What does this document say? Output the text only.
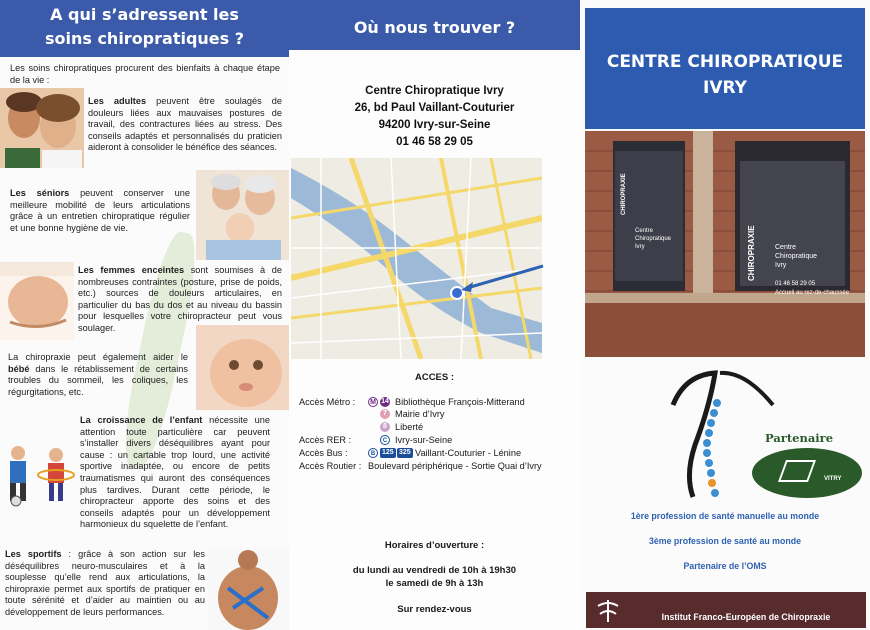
A qui s’adressent les
soins chiropratiques ?
Les soins chiropratiques procurent des bienfaits à chaque étape de la vie :
Les adultes peuvent être soulagés de douleurs liées aux mauvaises postures de travail, des contractures liées au stress. Des conseils adaptés et personnalisés du praticien aideront à consolider le bénéfice des séances.
Les séniors peuvent conserver une meilleure mobilité de leurs articulations grâce à un entretien chiropratique régulier et une bonne hygiène de vie.
Les femmes enceintes sont soumises à de nombreuses contraintes (posture, prise de poids, etc.) sources de douleurs articulaires, en particulier du bas du dos et au niveau du bassin pour lesquelles votre chiropracteur peut vous soulager.
La chiropraxie peut également aider le bébé dans le rétablissement de certains troubles du sommeil, les coliques, les régurgitations, etc.
La croissance de l’enfant nécessite une attention toute particulière car peuvent s’installer divers déséquilibres ayant pour cause : un cartable trop lourd, une activité sportive inadaptée, ou encore de petits traumatismes qui auront des conséquences plus tardives. Durant cette période, le chiropracteur apporte des soins et des conseils adaptés pour un développement harmonieux du squelette de l’enfant.
Les sportifs : grâce à son action sur les déséquilibres neuro-musculaires et à la souplesse qu’elle rend aux articulations, la chiropraxie permet aux sportifs de pratiquer en toute sérénité et d’aider au maintien ou au développement de leurs performances.
Où nous trouver ?
Centre Chiropratique Ivry
26, bd Paul Vaillant-Couturier
94200 Ivry-sur-Seine
01 46 58 29 05
ACCES :
Accès Métro : M 14 Bibliothèque François-Mitterand
7 Mairie d’Ivry
8 Liberté
Accès RER :	C Ivry-sur-Seine
Accès Bus :	B 125 325 Vaillant-Couturier - Lénine
Accès Routier : Boulevard périphérique - Sortie Quai d’Ivry
Horaires d’ouverture :
du lundi au vendredi de 10h à 19h30
le samedi de 9h à 13h
Sur rendez-vous
CENTRE CHIROPRATIQUE
IVRY
CHIROPRAXIE
Centre
Chiropratique
Ivry	CHIROPRAXIE	Centre
Chiropratique
Ivry
01 46 58 29 05
Accueil au rez-de-chaussée
Partenaire
VITRY
1ère profession de santé manuelle au monde
3ème profession de santé au monde
Partenaire de l’OMS
Institut Franco-Européen de Chiropraxie
